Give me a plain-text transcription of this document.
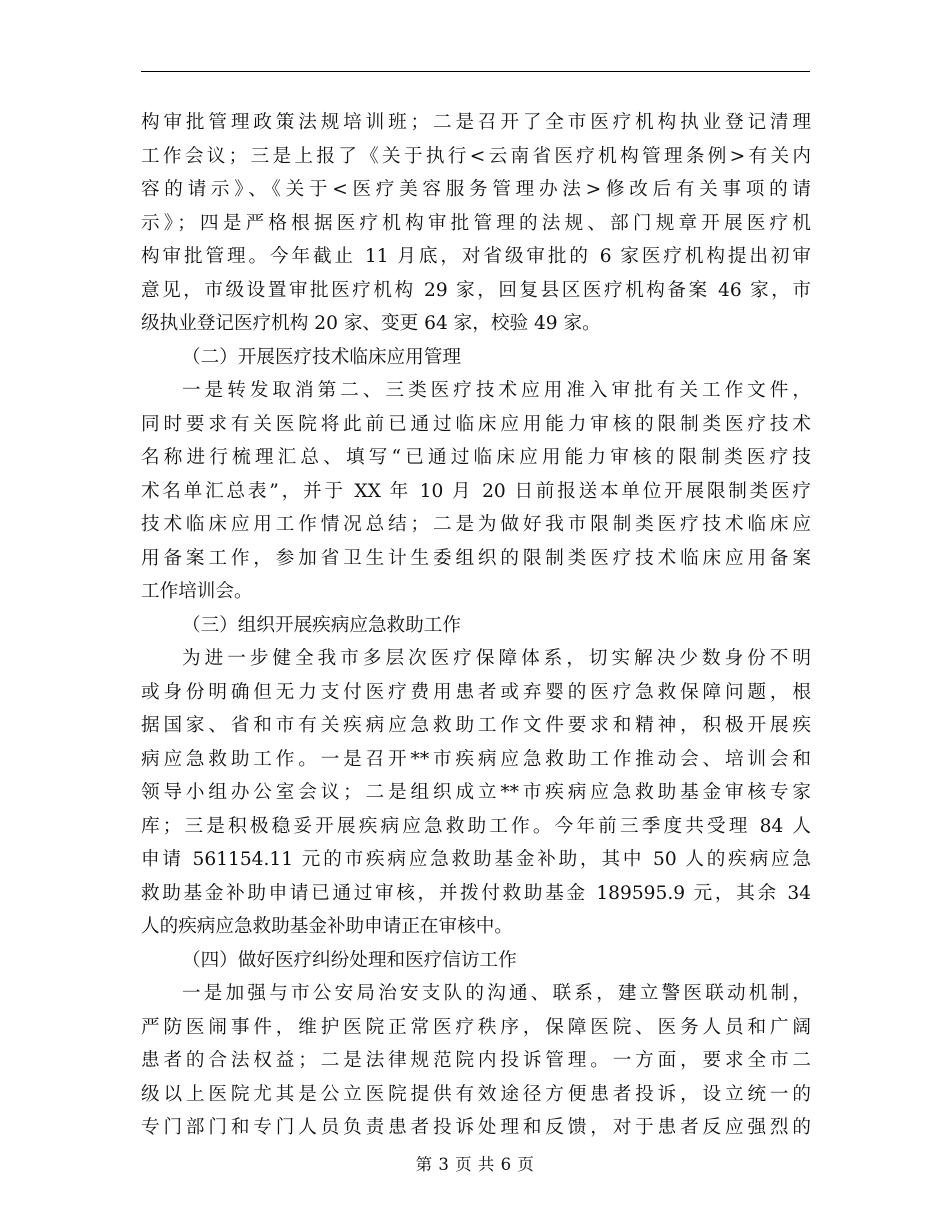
构审批管理政策法规培训班；二是召开了全市医疗机构执业登记清理
工作会议；三是上报了《关于执行<云南省医疗机构管理条例>有关内
容的请示》、《关于<医疗美容服务管理办法>修改后有关事项的请
示》；四是严格根据医疗机构审批管理的法规、部门规章开展医疗机
构审批管理。今年截止 11 月底，对省级审批的 6 家医疗机构提出初审
意见，市级设置审批医疗机构 29 家，回复县区医疗机构备案 46 家，市
级执业登记医疗机构 20 家、变更 64 家，校验 49 家。
（二）开展医疗技术临床应用管理
一是转发取消第二、三类医疗技术应用准入审批有关工作文件，
同时要求有关医院将此前已通过临床应用能力审核的限制类医疗技术
名称进行梳理汇总、填写“已通过临床应用能力审核的限制类医疗技
术名单汇总表”，并于 XX 年 10 月 20 日前报送本单位开展限制类医疗
技术临床应用工作情况总结；二是为做好我市限制类医疗技术临床应
用备案工作，参加省卫生计生委组织的限制类医疗技术临床应用备案
工作培训会。
（三）组织开展疾病应急救助工作
为进一步健全我市多层次医疗保障体系，切实解决少数身份不明
或身份明确但无力支付医疗费用患者或弃婴的医疗急救保障问题，根
据国家、省和市有关疾病应急救助工作文件要求和精神，积极开展疾
病应急救助工作。一是召开**市疾病应急救助工作推动会、培训会和
领导小组办公室会议；二是组织成立**市疾病应急救助基金审核专家
库；三是积极稳妥开展疾病应急救助工作。今年前三季度共受理 84 人
申请 561154.11 元的市疾病应急救助基金补助，其中 50 人的疾病应急
救助基金补助申请已通过审核，并拨付救助基金 189595.9 元，其余 34
人的疾病应急救助基金补助申请正在审核中。
（四）做好医疗纠纷处理和医疗信访工作
一是加强与市公安局治安支队的沟通、联系，建立警医联动机制，
严防医闹事件，维护医院正常医疗秩序，保障医院、医务人员和广阔
患者的合法权益；二是法律规范院内投诉管理。一方面，要求全市二
级以上医院尤其是公立医院提供有效途径方便患者投诉，设立统一的
专门部门和专门人员负责患者投诉处理和反馈，对于患者反应强烈的
第 3 页 共 6 页
